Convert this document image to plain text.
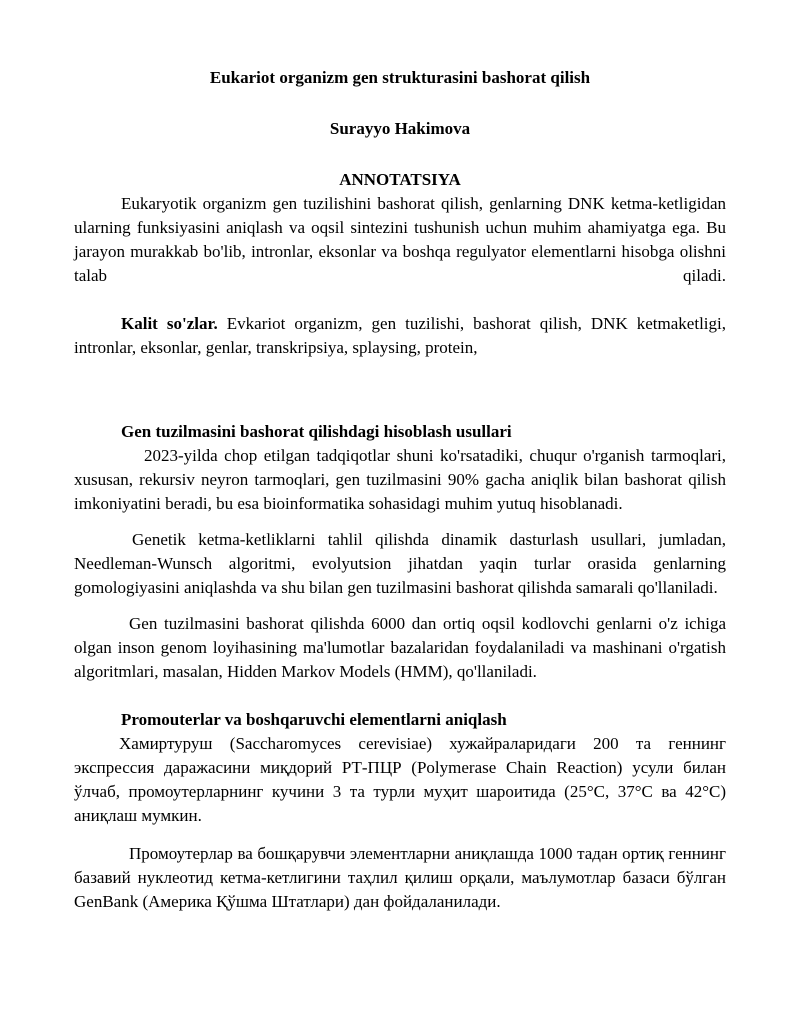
Eukariot organizm gen strukturasini bashorat qilish

Surayyo Hakimova

ANNOTATSIYA

Eukaryotik organizm gen tuzilishini bashorat qilish, genlarning DNK ketma-ketligidan ularning funksiyasini aniqlash va oqsil sintezini tushunish uchun muhim ahamiyatga ega. Bu jarayon murakkab bo'lib, intronlar, eksonlar va boshqa regulyator elementlarni hisobga olishni talab qiladi.

Kalit so'zlar. Evkariot organizm, gen tuzilishi, bashorat qilish, DNK ketmaketligi, intronlar, eksonlar, genlar, transkripsiya, splaysing, protein,

Gen tuzilmasini bashorat qilishdagi hisoblash usullari

2023-yilda chop etilgan tadqiqotlar shuni ko'rsatadiki, chuqur o'rganish tarmoqlari, xususan, rekursiv neyron tarmoqlari, gen tuzilmasini 90% gacha aniqlik bilan bashorat qilish imkoniyatini beradi, bu esa bioinformatika sohasidagi muhim yutuq hisoblanadi.

Genetik ketma-ketliklarni tahlil qilishda dinamik dasturlash usullari, jumladan, Needleman-Wunsch algoritmi, evolyutsion jihatdan yaqin turlar orasida genlarning gomologiyasini aniqlashda va shu bilan gen tuzilmasini bashorat qilishda samarali qo'llaniladi.

Gen tuzilmasini bashorat qilishda 6000 dan ortiq oqsil kodlovchi genlarni o'z ichiga olgan inson genom loyihasining ma'lumotlar bazalaridan foydalaniladi va mashinani o'rgatish algoritmlari, masalan, Hidden Markov Models (HMM), qo'llaniladi.

Promouterlar va boshqaruvchi elementlarni aniqlash

Хамиртуруш (Saccharomyces cerevisiae) хужайраларидаги 200 та геннинг экспрессия даражасини миқдорий РТ-ПЦР (Polymerase Chain Reaction) усули билан ўлчаб, промоутерларнинг кучини 3 та турли муҳит шароитида (25°C, 37°C ва 42°C) аниқлаш мумкин.

Промоутерлар ва бошқарувчи элементларни аниқлашда 1000 тадан ортиқ геннинг базавий нуклеотид кетма-кетлигини таҳлил қилиш орқали, маълумотлар базаси бўлган GenBank (Америка Қўшма Штатлари) дан фойдаланилади.
